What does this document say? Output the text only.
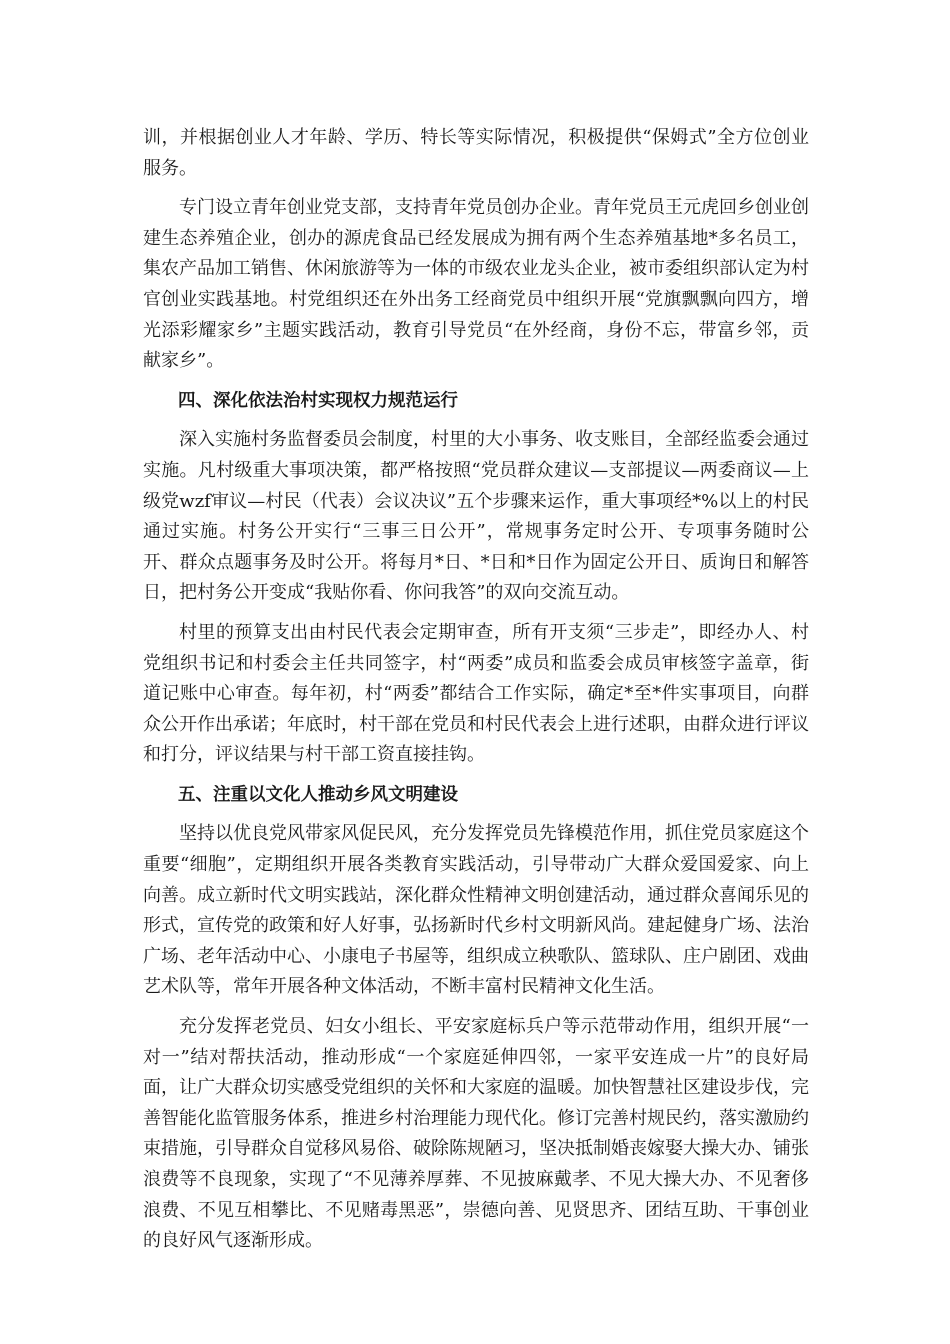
训，并根据创业人才年龄、学历、特长等实际情况，积极提供“保姆式”全方位创业服务。

专门设立青年创业党支部，支持青年党员创办企业。青年党员王元虎回乡创业创建生态养殖企业，创办的源虎食品已经发展成为拥有两个生态养殖基地*多名员工，集农产品加工销售、休闲旅游等为一体的市级农业龙头企业，被市委组织部认定为村官创业实践基地。村党组织还在外出务工经商党员中组织开展“党旗飘飘向四方，增光添彩耀家乡”主题实践活动，教育引导党员“在外经商，身份不忘，带富乡邻，贡献家乡”。

四、深化依法治村实现权力规范运行

深入实施村务监督委员会制度，村里的大小事务、收支账目，全部经监委会通过实施。凡村级重大事项决策，都严格按照“党员群众建议—支部提议—两委商议—上级党wzf审议—村民（代表）会议决议”五个步骤来运作，重大事项经*%以上的村民通过实施。村务公开实行“三事三日公开”，常规事务定时公开、专项事务随时公开、群众点题事务及时公开。将每月*日、*日和*日作为固定公开日、质询日和解答日，把村务公开变成“我贴你看、你问我答”的双向交流互动。

村里的预算支出由村民代表会定期审查，所有开支须“三步走”，即经办人、村党组织书记和村委会主任共同签字，村“两委”成员和监委会成员审核签字盖章，街道记账中心审查。每年初，村“两委”都结合工作实际，确定*至*件实事项目，向群众公开作出承诺；年底时，村干部在党员和村民代表会上进行述职，由群众进行评议和打分，评议结果与村干部工资直接挂钩。

五、注重以文化人推动乡风文明建设

坚持以优良党风带家风促民风，充分发挥党员先锋模范作用，抓住党员家庭这个重要“细胞”，定期组织开展各类教育实践活动，引导带动广大群众爱国爱家、向上向善。成立新时代文明实践站，深化群众性精神文明创建活动，通过群众喜闻乐见的形式，宣传党的政策和好人好事，弘扬新时代乡村文明新风尚。建起健身广场、法治广场、老年活动中心、小康电子书屋等，组织成立秧歌队、篮球队、庄户剧团、戏曲艺术队等，常年开展各种文体活动，不断丰富村民精神文化生活。

充分发挥老党员、妇女小组长、平安家庭标兵户等示范带动作用，组织开展“一对一”结对帮扶活动，推动形成“一个家庭延伸四邻，一家平安连成一片”的良好局面，让广大群众切实感受党组织的关怀和大家庭的温暖。加快智慧社区建设步伐，完善智能化监管服务体系，推进乡村治理能力现代化。修订完善村规民约，落实激励约束措施，引导群众自觉移风易俗、破除陈规陋习，坚决抵制婚丧嫁娶大操大办、铺张浪费等不良现象，实现了“不见薄养厚葬、不见披麻戴孝、不见大操大办、不见奢侈浪费、不见互相攀比、不见赌毒黑恶”，崇德向善、见贤思齐、团结互助、干事创业的良好风气逐渐形成。
